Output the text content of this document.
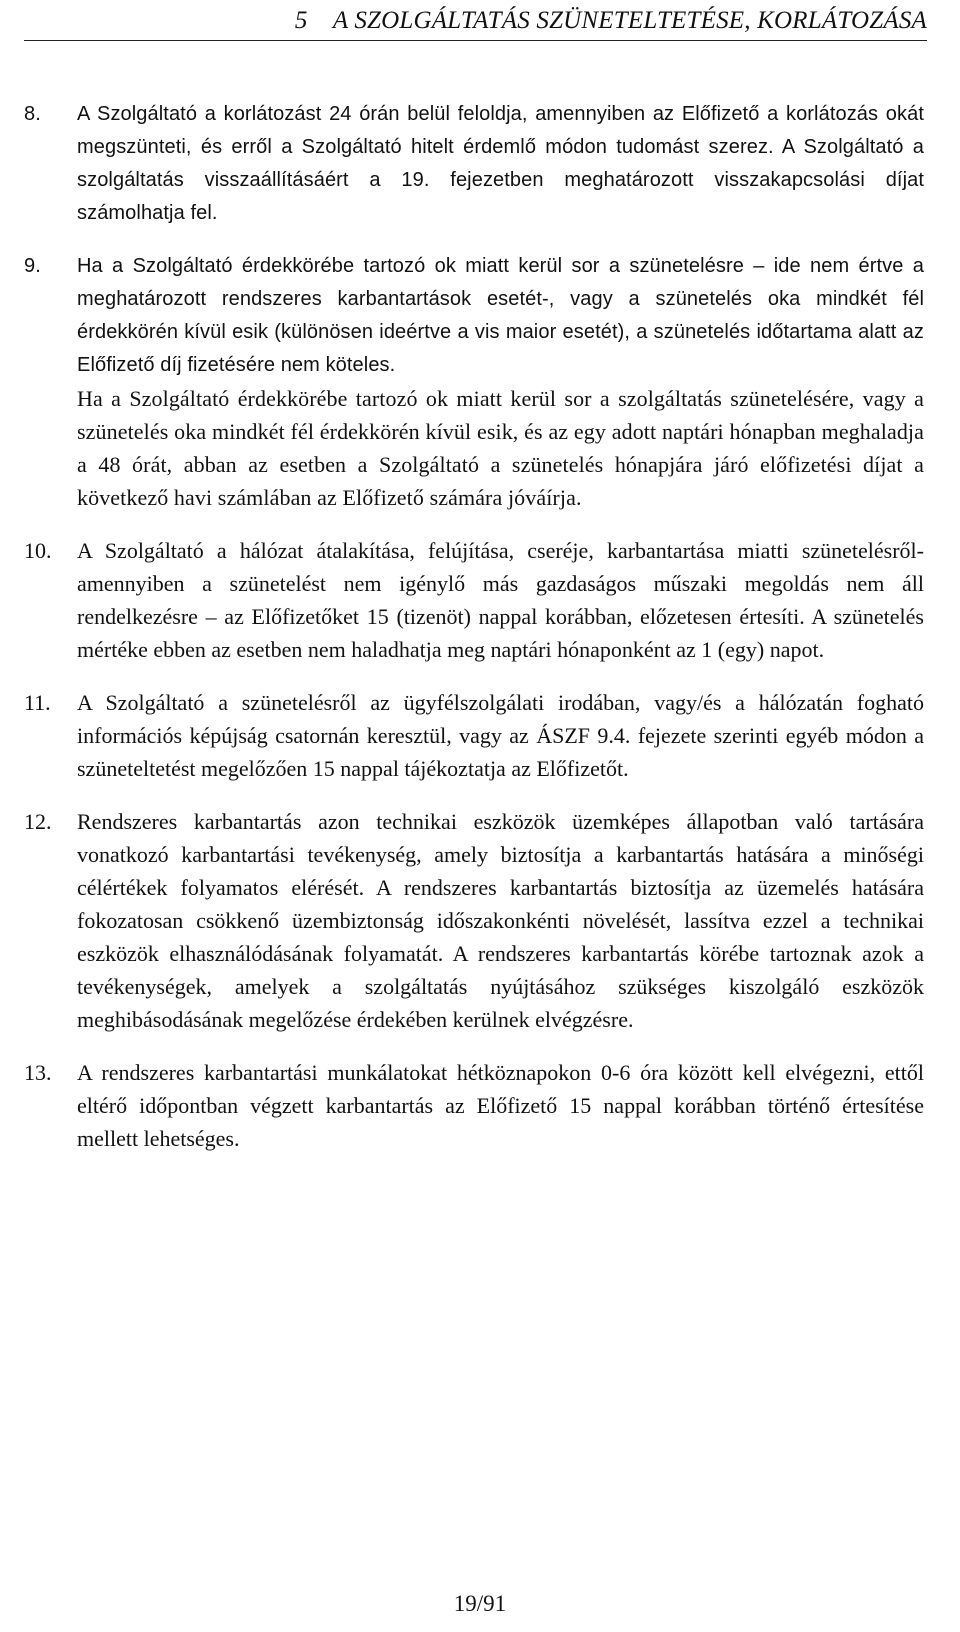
5    A SZOLGÁLTATÁS SZÜNETELTETÉSE, KORLÁTOZÁSA
8.	A Szolgáltató a korlátozást 24 órán belül feloldja, amennyiben az Előfizető a korlátozás okát megszünteti, és erről a Szolgáltató hitelt érdemlő módon tudomást szerez. A Szolgáltató a szolgáltatás visszaállításáért a 19. fejezetben meghatározott visszakapcsolási díjat számolhatja fel.

9.	Ha a Szolgáltató érdekkörébe tartozó ok miatt kerül sor a szünetelésre – ide nem értve a meghatározott rendszeres karbantartások esetét-, vagy a szünetelés oka mindkét fél érdekkörén kívül esik (különösen ideértve a vis maior esetét), a szünetelés időtartama alatt az Előfizető díj fizetésére nem köteles.

Ha a Szolgáltató érdekkörébe tartozó ok miatt kerül sor a szolgáltatás szünetelésére, vagy a szünetelés oka mindkét fél érdekkörén kívül esik, és az egy adott naptári hónapban meghaladja a 48 órát, abban az esetben a Szolgáltató a szünetelés hónapjára járó előfizetési díjat a következő havi számlában az Előfizető számára jóváírja.

10.	A Szolgáltató a hálózat átalakítása, felújítása, cseréje, karbantartása miatti szünetelésről- amennyiben a szünetelést nem igénylő más gazdaságos műszaki megoldás nem áll rendelkezésre – az Előfizetőket 15 (tizenöt) nappal korábban, előzetesen értesíti. A szünetelés mértéke ebben az esetben nem haladhatja meg naptári hónaponként az 1 (egy) napot.

11.	A Szolgáltató a szünetelésről az ügyfélszolgálati irodában, vagy/és a hálózatán fogható információs képújság csatornán keresztül, vagy az ÁSZF 9.4. fejezete szerinti egyéb módon a szüneteltetést megelőzően 15 nappal tájékoztatja az Előfizetőt.

12.	Rendszeres karbantartás azon technikai eszközök üzemképes állapotban való tartására vonatkozó karbantartási tevékenység, amely biztosítja a karbantartás hatására a minőségi célértékek folyamatos elérését. A rendszeres karbantartás biztosítja az üzemelés hatására fokozatosan csökkenő üzembiztonság időszakonkénti növelését, lassítva ezzel a technikai eszközök elhasználódásának folyamatát. A rendszeres karbantartás körébe tartoznak azok a tevékenységek, amelyek a szolgáltatás nyújtásához szükséges kiszolgáló eszközök meghibásodásának megelőzése érdekében kerülnek elvégzésre.

13.	A rendszeres karbantartási munkálatokat hétköznapokon 0-6 óra között kell elvégezni, ettől eltérő időpontban végzett karbantartás az Előfizető 15 nappal korábban történő értesítése mellett lehetséges.

19/91
